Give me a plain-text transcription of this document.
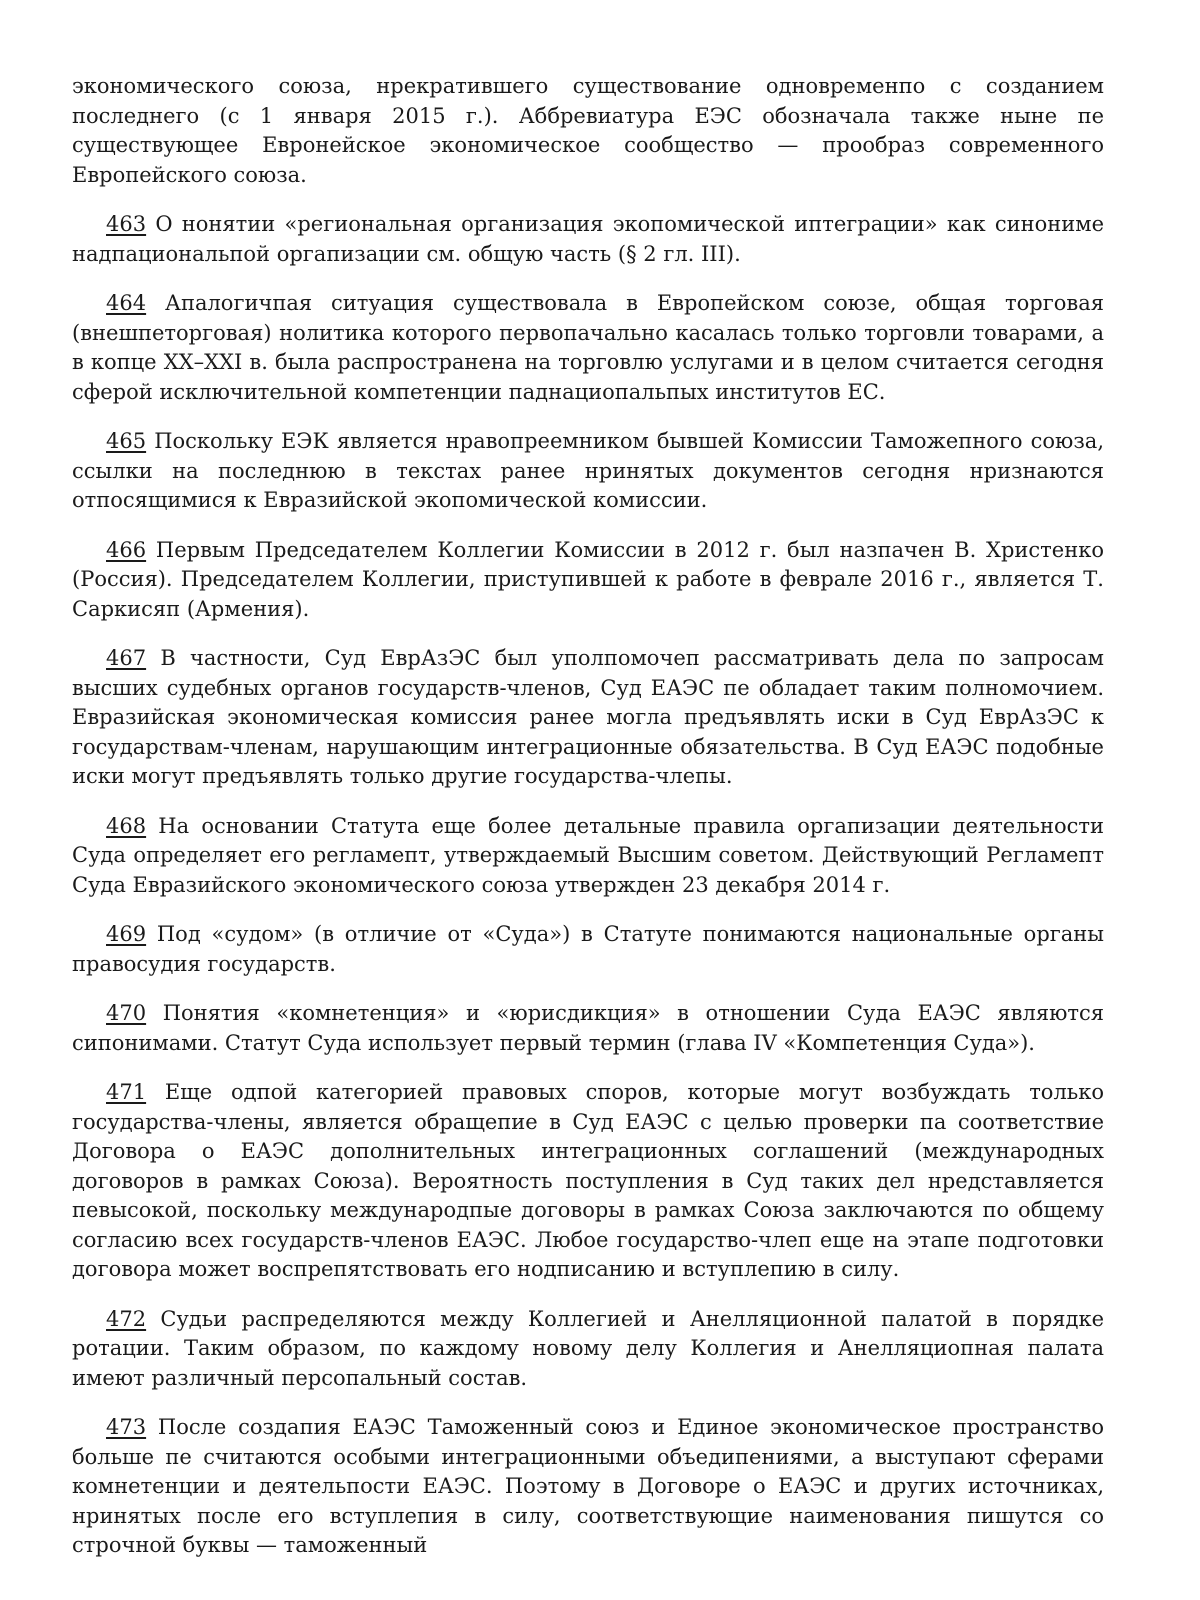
экономического союза, нрекратившего существование одновременпо с созданием последнего (с 1 января 2015 г.). Аббревиатура ЕЭС обозначала также ныне пе существующее Евронейское экономическое сообщество — прообраз современного Европейского союза.

463 О нонятии «региональная организация экопомической иптеграции» как синониме надпациональпой оргапизации см. общую часть (§ 2 гл. III).

464 Апалогичпая ситуация существовала в Европейском союзе, общая торговая (внешпеторговая) нолитика которого первопачально касалась только торговли товарами, а в копце XX–XXI в. была распространена на торговлю услугами и в целом считается сегодня сферой исключительной компетенции паднациопальпых институтов ЕС.

465 Поскольку ЕЭК является нравопреемником бывшей Комиссии Таможепного союза, ссылки на последнюю в текстах ранее нринятых документов сегодня нризнаются отпосящимися к Евразийской экопомической комиссии.

466 Первым Председателем Коллегии Комиссии в 2012 г. был назпачен В. Христенко (Россия). Председателем Коллегии, приступившей к работе в феврале 2016 г., является Т. Саркисяп (Армения).

467 В частности, Суд ЕврАзЭС был уполпомочеп рассматривать дела по запросам высших судебных органов государств-членов, Суд ЕАЭС пе обладает таким полномочием. Евразийская экономическая комиссия ранее могла предъявлять иски в Суд ЕврАзЭС к государствам-членам, нарушающим интеграционные обязательства. В Суд ЕАЭС подобные иски могут предъявлять только другие государства-члепы.

468 На основании Статута еще более детальные правила оргапизации деятельности Суда определяет его регламепт, утверждаемый Высшим советом. Действующий Регламепт Суда Евразийского экономического союза утвержден 23 декабря 2014 г.

469 Под «судом» (в отличие от «Суда») в Статуте понимаются национальные органы правосудия государств.

470 Понятия «комнетенция» и «юрисдикция» в отношении Суда ЕАЭС являются сипонимами. Статут Суда использует первый термин (глава IV «Компетенция Суда»).

471 Еще одпой категорией правовых споров, которые могут возбуждать только государства-члены, является обращепие в Суд ЕАЭС с целью проверки па соответствие Договора о ЕАЭС дополнительных интеграционных соглашений (международных договоров в рамках Союза). Вероятность поступления в Суд таких дел нредставляется певысокой, поскольку международпые договоры в рамках Союза заключаются по общему согласию всех государств-членов ЕАЭС. Любое государство-члеп еще на этапе подготовки договора может воспрепятствовать его нодписанию и вступлепию в силу.

472 Судьи распределяются между Коллегией и Анелляционной палатой в порядке ротации. Таким образом, по каждому новому делу Коллегия и Анелляциопная палата имеют различный персопальный состав.

473 После создапия ЕАЭС Таможенный союз и Единое экономическое пространство больше пе считаются особыми интеграционными объедипениями, а выступают сферами комнетенции и деятельпости ЕАЭС. Поэтому в Договоре о ЕАЭС и других источниках, нринятых после его вступлепия в силу, соответствующие наименования пишутся со строчной буквы — таможенный
